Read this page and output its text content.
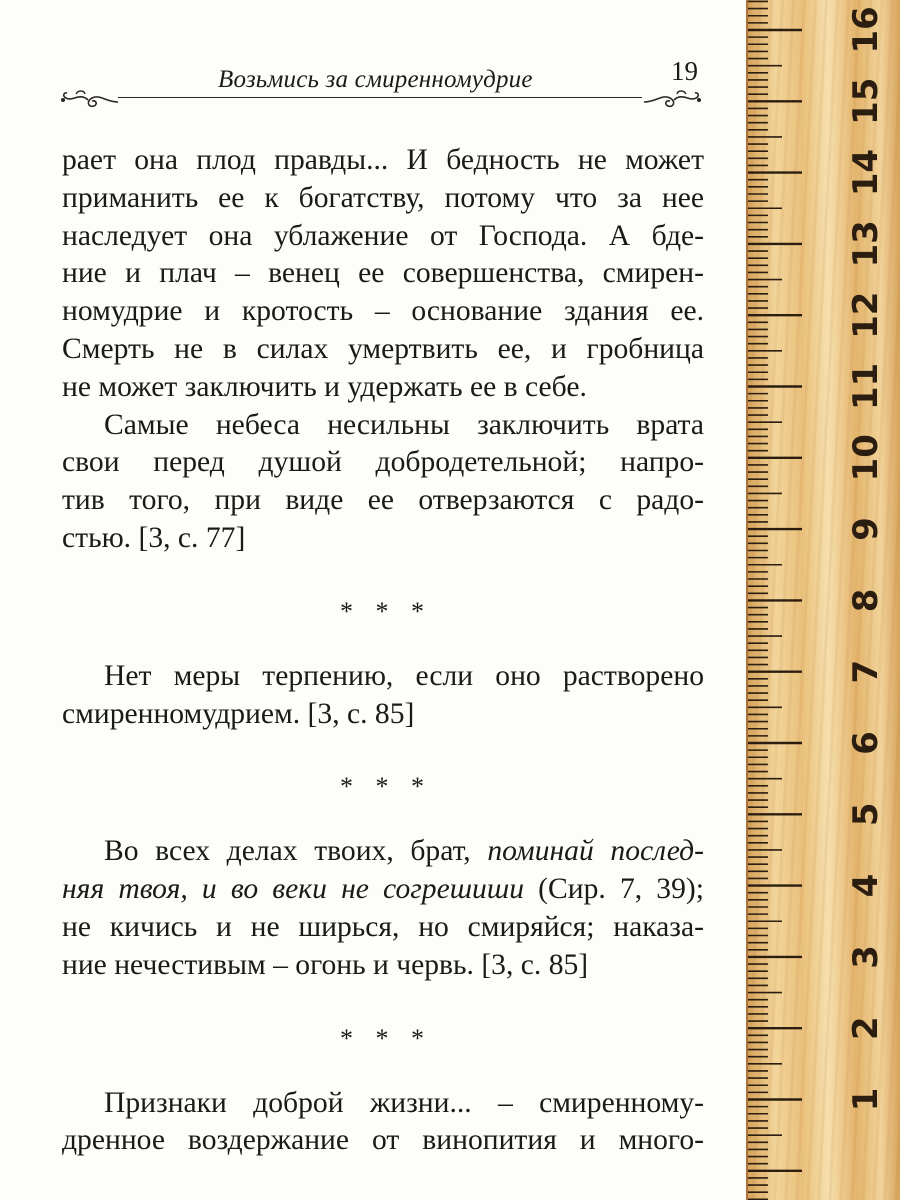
Возьмись за смиренномудрие	19
рает она плод правды... И бедность не может
приманить ее к богатству, потому что за нее
наследует она ублажение от Господа. А бде-
ние и плач – венец ее совершенства, смирен-
номудрие и кротость – основание здания ее.
Смерть не в силах умертвить ее, и гробница
не может заключить и удержать ее в себе.
Самые небеса несильны заключить врата
свои перед душой добродетельной; напро-
тив того, при виде ее отверзаются с радо-
стью. [3, с. 77]
* * *
Нет меры терпению, если оно растворено
смиренномудрием. [3, с. 85]
* * *
Во всех делах твоих, брат, поминай послед-
няя твоя, и во веки не согрешиши (Сир. 7, 39);
не кичись и не ширься, но смиряйся; наказа-
ние нечестивым – огонь и червь. [3, с. 85]
* * *
Признаки доброй жизни... – смиренному-
дренное воздержание от винопития и много-
16
15
14
13
12
11
10
9
8
7
6
5
4
3
2
1
